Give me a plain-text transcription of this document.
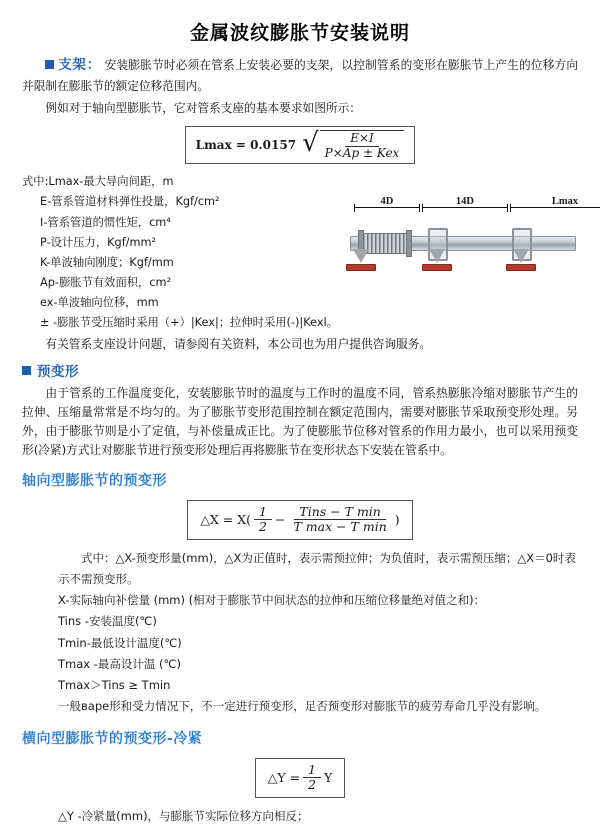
金属波纹膨胀节安装说明
支架： 安装膨胀节时必须在管系上安装必要的支架，以控制管系的变形在膨胀节上产生的位移方向并限制在膨胀节的额定位移范围内。
例如对于轴向型膨胀节，它对管系支座的基本要求如图所示：
Lmax = 0.0157 √ $\frac{E\times I}{\text{P×Ap ± Kex}}$
式中:Lmax-最大导向间距，m
E-管系管道材料弹性投量，Kgf/cm²
I-管系管道的惯性矩，cm⁴
P-设计压力，Kgf/mm²
K-单波轴向刚度；Kgf/mm
Ap-膨胀节有效面积，cm²
ex-单波轴向位移，mm
± -膨胀节受压缩时采用（+）|Kex|；拉伸时采用(-)|Kexl。
4D	14D	Lmax
有关管系支座设计问题，请参阅有关资料，本公司也为用户提供咨询服务。
预变形
由于管系的工作温度变化，安装膨胀节时的温度与工作时的温度不同，管系热膨胀冷缩对膨胀节产生的拉伸、压缩量常常是不均匀的。为了膨胀节变形范围控制在额定范围内，需要对膨胀节采取预变形处理。另外，由于膨胀节则是小了定值，与补偿量成正比。为了使膨胀节位移对管系的作用力最小，也可以采用预变形(冷紧)方式让对膨胀节进行预变形处理后再将膨胀节在变形状态下安装在管系中。
轴向型膨胀节的预变形
△X = $X( \frac{1}{2} - \frac{\text{Tins − T min}}{\text{T max − T min}}$ )
式中：△X-预变形量(mm)，△X为正值时，表示需预拉伸；为负值时，表示需预压缩；△X＝0时表示不需预变形。
X-实际轴向补偿量 (mm) (相对于膨胀节中间状态的拉伸和压缩位移量绝对值之和)：
Tins -安装温度(℃)
Tmin-最低设计温度(℃)
Tmax -最高设计温 (℃)
Tmax＞Tins ≥ Tmin
一般варе形和受力情况下，不一定进行预变形，足否预变形对膨胀节的疲劳寿命几乎没有影响。
横向型膨胀节的预变形-冷紧
△Y = $\frac{1}{2}$ Y
△Y -冷紧量(mm)，与膨胀节实际位移方向相反；
